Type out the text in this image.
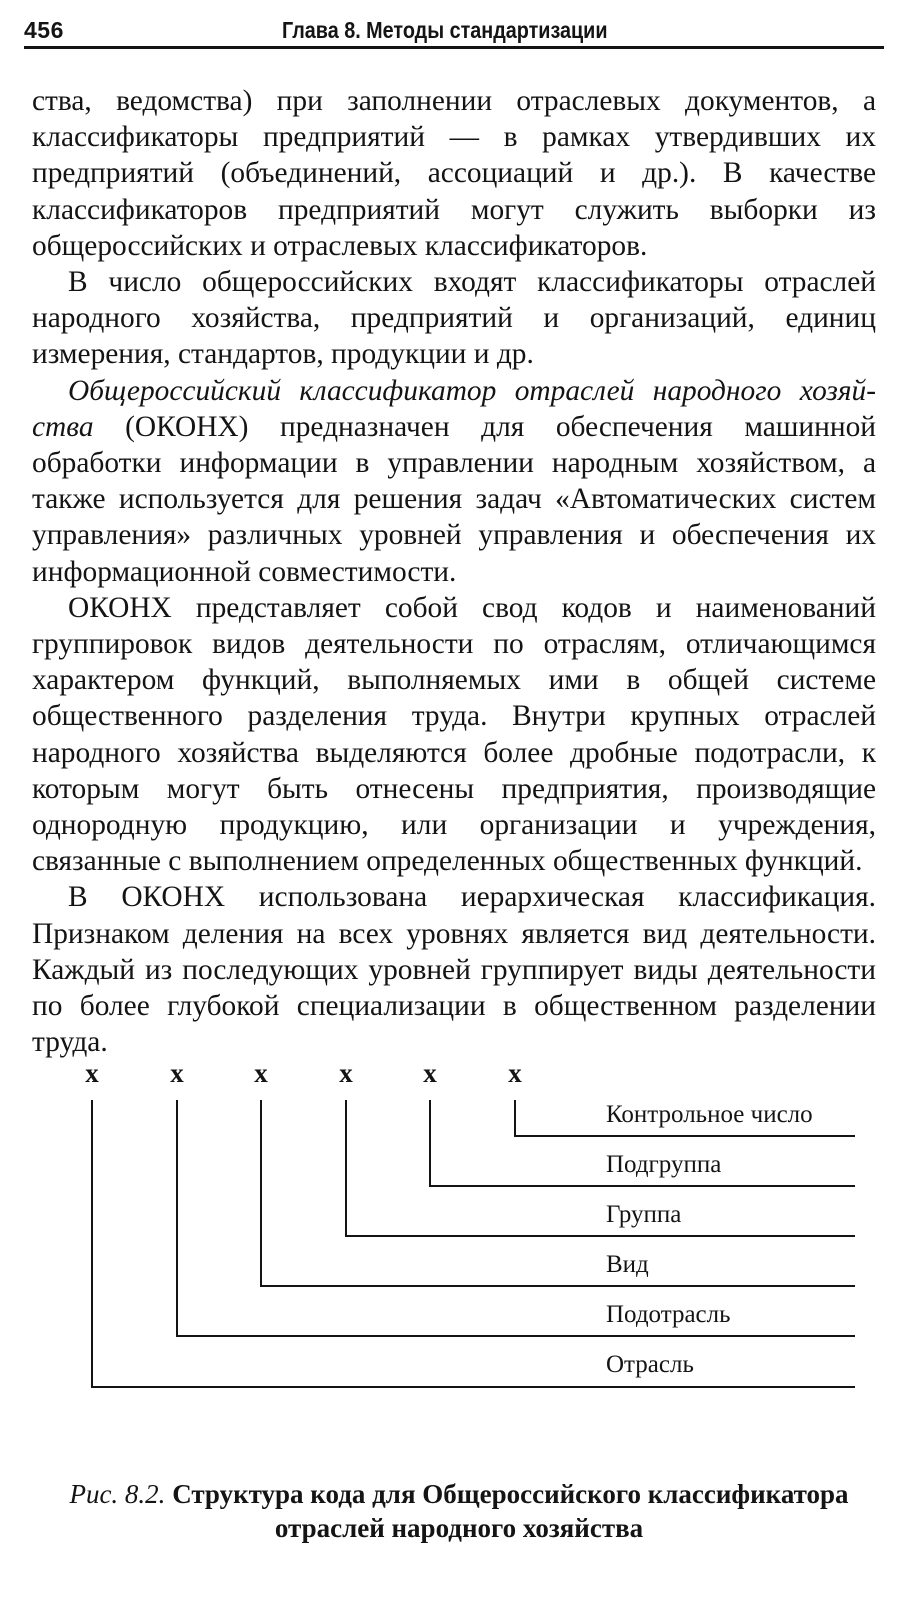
456	Глава 8. Методы стандартизации

ства, ведомства) при заполнении отраслевых документов, а классификаторы предприятий — в рамках утвердивших их предприятий (объединений, ассоциаций и др.). В качестве классификаторов предприятий могут служить выборки из общероссийских и отраслевых классификаторов.

В число общероссийских входят классификаторы отраслей народного хозяйства, предприятий и организаций, единиц измерения, стандартов, продукции и др.

Общероссийский классификатор отраслей народного хозяйства (ОКОНХ) предназначен для обеспечения машинной обработки информации в управлении народным хозяйством, а также используется для решения задач «Автоматических систем управления» различных уровней управления и обеспечения их информационной совместимости.

ОКОНХ представляет собой свод кодов и наименований группировок видов деятельности по отраслям, отличающимся характером функций, выполняемых ими в общей системе общественного разделения труда. Внутри крупных отраслей народного хозяйства выделяются более дробные подотрасли, к которым могут быть отнесены предприятия, производящие однородную продукцию, или организации и учреждения, связанные с выполнением определенных общественных функций.

В ОКОНХ использована иерархическая классификация. Признаком деления на всех уровнях является вид деятельности. Каждый из последующих уровней группирует виды деятельности по более глубокой специализации в общественном разделении труда.

x	x	x	x	x	x
Контрольное число
Подгруппа
Группа
Вид
Подотрасль
Отрасль
Рис. 8.2. Структура кода для Общероссийского классификатора отраслей народного хозяйства
